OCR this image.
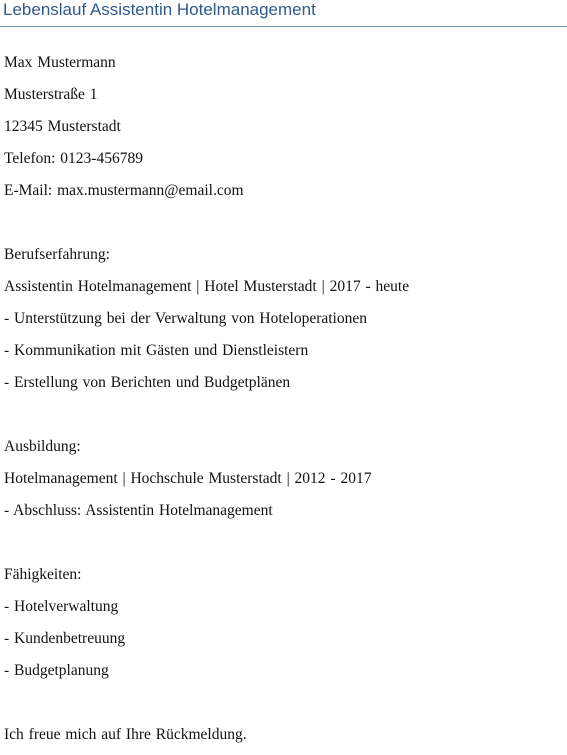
Lebenslauf Assistentin Hotelmanagement
Max Mustermann
Musterstraße 1
12345 Musterstadt
Telefon: 0123-456789
E-Mail: max.mustermann@email.com
Berufserfahrung:
Assistentin Hotelmanagement | Hotel Musterstadt | 2017 - heute
- Unterstützung bei der Verwaltung von Hoteloperationen
- Kommunikation mit Gästen und Dienstleistern
- Erstellung von Berichten und Budgetplänen
Ausbildung:
Hotelmanagement | Hochschule Musterstadt | 2012 - 2017
- Abschluss: Assistentin Hotelmanagement
Fähigkeiten:
- Hotelverwaltung
- Kundenbetreuung
- Budgetplanung
Ich freue mich auf Ihre Rückmeldung.
